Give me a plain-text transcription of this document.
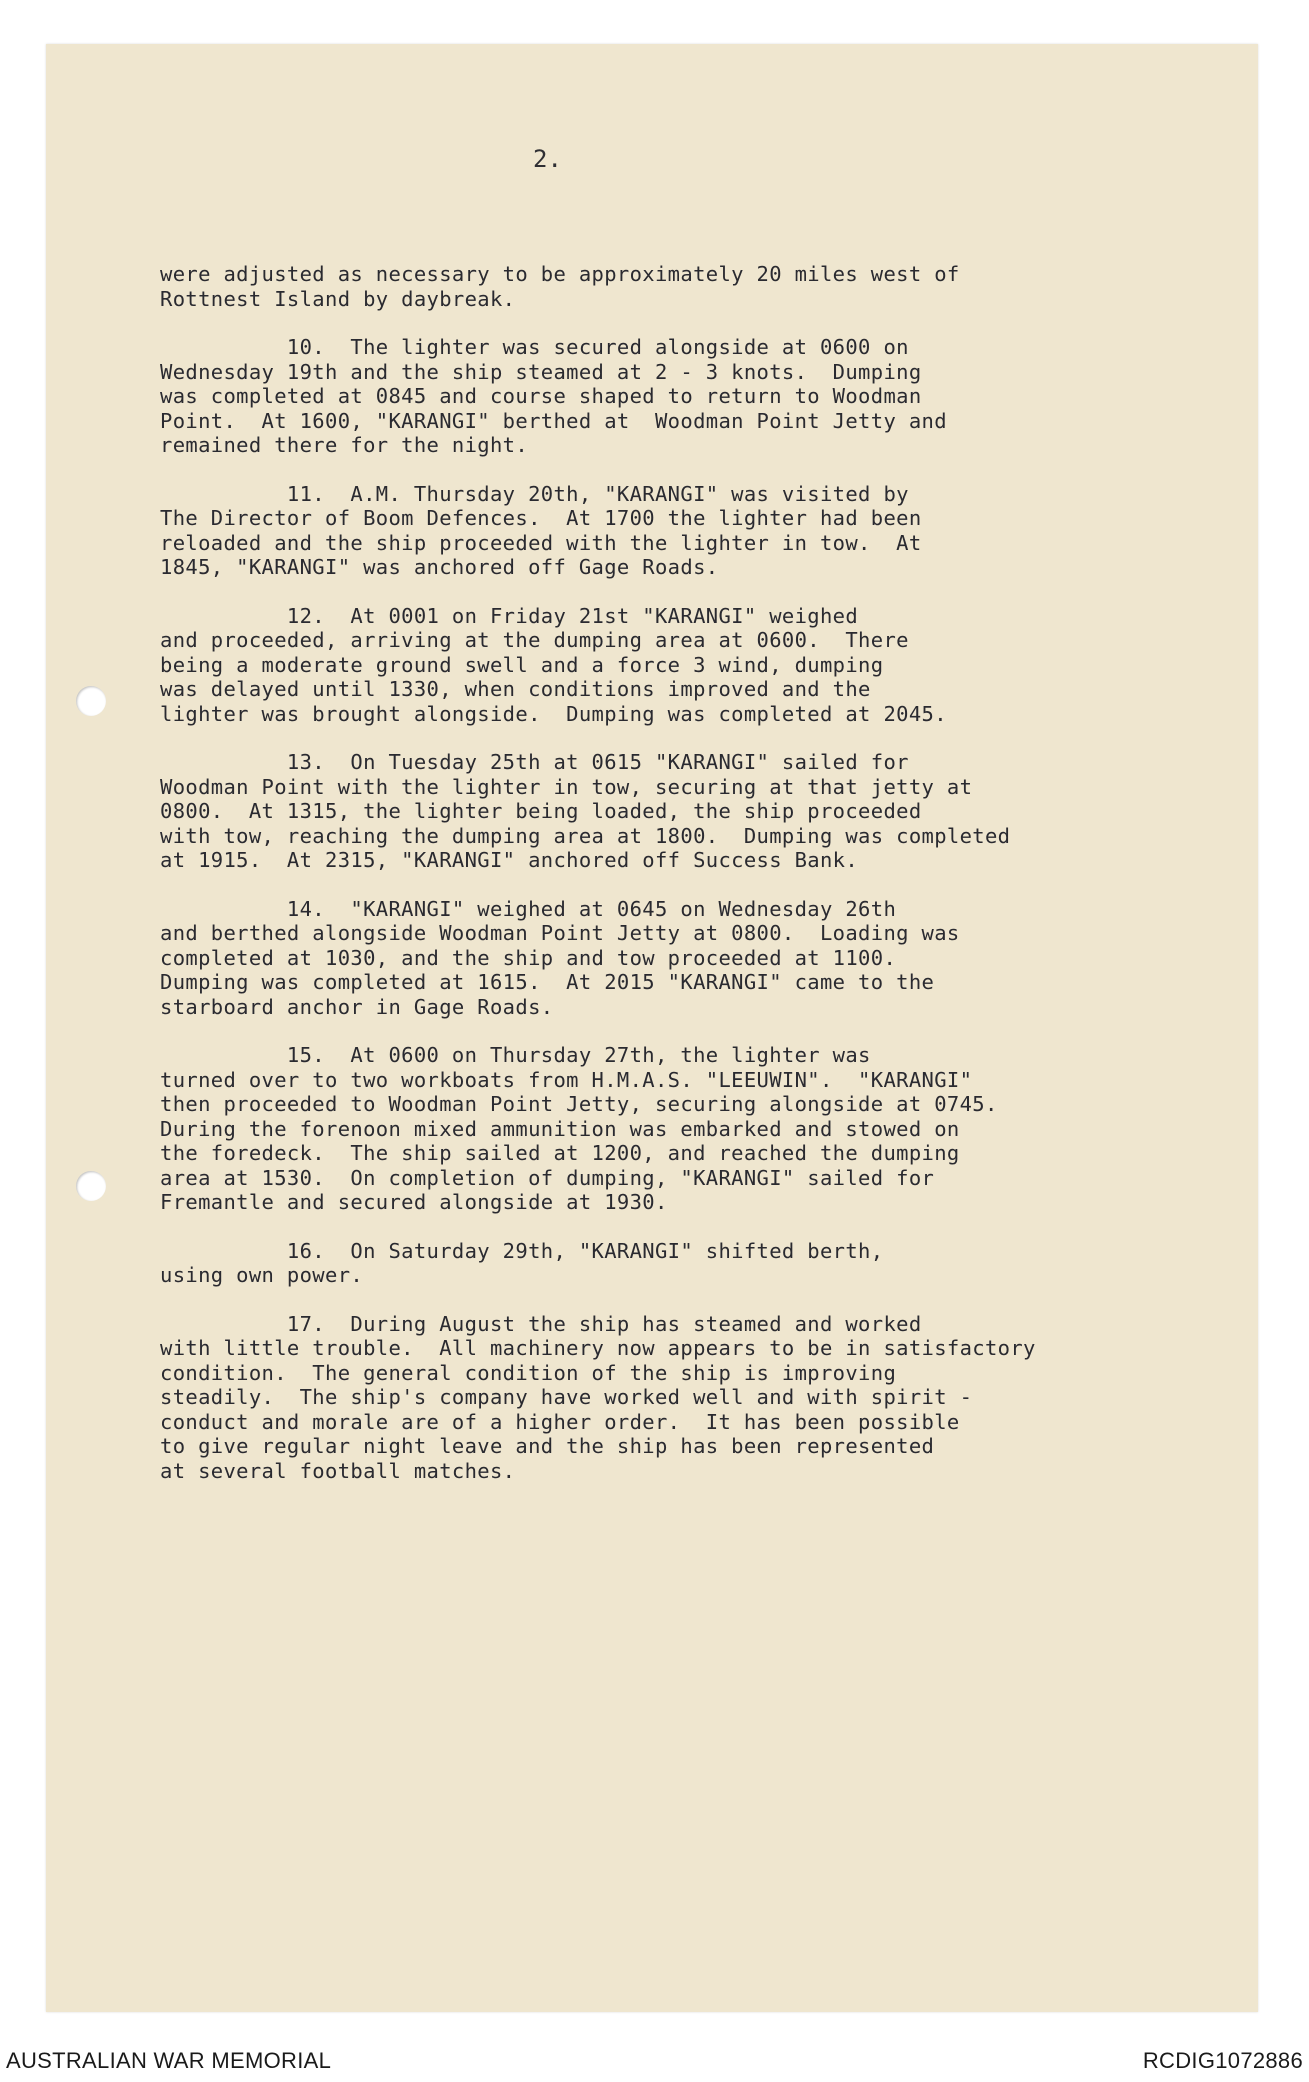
2.
were adjusted as necessary to be approximately 20 miles west of
Rottnest Island by daybreak.
10.  The lighter was secured alongside at 0600 on
Wednesday 19th and the ship steamed at 2 - 3 knots.  Dumping
was completed at 0845 and course shaped to return to Woodman
Point.  At 1600, "KARANGI" berthed at  Woodman Point Jetty and
remained there for the night.
11.  A.M. Thursday 20th, "KARANGI" was visited by
The Director of Boom Defences.  At 1700 the lighter had been
reloaded and the ship proceeded with the lighter in tow.  At
1845, "KARANGI" was anchored off Gage Roads.
12.  At 0001 on Friday 21st "KARANGI" weighed
and proceeded, arriving at the dumping area at 0600.  There
being a moderate ground swell and a force 3 wind, dumping
was delayed until 1330, when conditions improved and the
lighter was brought alongside.  Dumping was completed at 2045.
13.  On Tuesday 25th at 0615 "KARANGI" sailed for
Woodman Point with the lighter in tow, securing at that jetty at
0800.  At 1315, the lighter being loaded, the ship proceeded
with tow, reaching the dumping area at 1800.  Dumping was completed
at 1915.  At 2315, "KARANGI" anchored off Success Bank.
14.  "KARANGI" weighed at 0645 on Wednesday 26th
and berthed alongside Woodman Point Jetty at 0800.  Loading was
completed at 1030, and the ship and tow proceeded at 1100.
Dumping was completed at 1615.  At 2015 "KARANGI" came to the
starboard anchor in Gage Roads.
15.  At 0600 on Thursday 27th, the lighter was
turned over to two workboats from H.M.A.S. "LEEUWIN".  "KARANGI"
then proceeded to Woodman Point Jetty, securing alongside at 0745.
During the forenoon mixed ammunition was embarked and stowed on
the foredeck.  The ship sailed at 1200, and reached the dumping
area at 1530.  On completion of dumping, "KARANGI" sailed for
Fremantle and secured alongside at 1930.
16.  On Saturday 29th, "KARANGI" shifted berth,
using own power.
17.  During August the ship has steamed and worked
with little trouble.  All machinery now appears to be in satisfactory
condition.  The general condition of the ship is improving
steadily.  The ship's company have worked well and with spirit -
conduct and morale are of a higher order.  It has been possible
to give regular night leave and the ship has been represented
at several football matches.
AUSTRALIAN WAR MEMORIAL	RCDIG1072886
